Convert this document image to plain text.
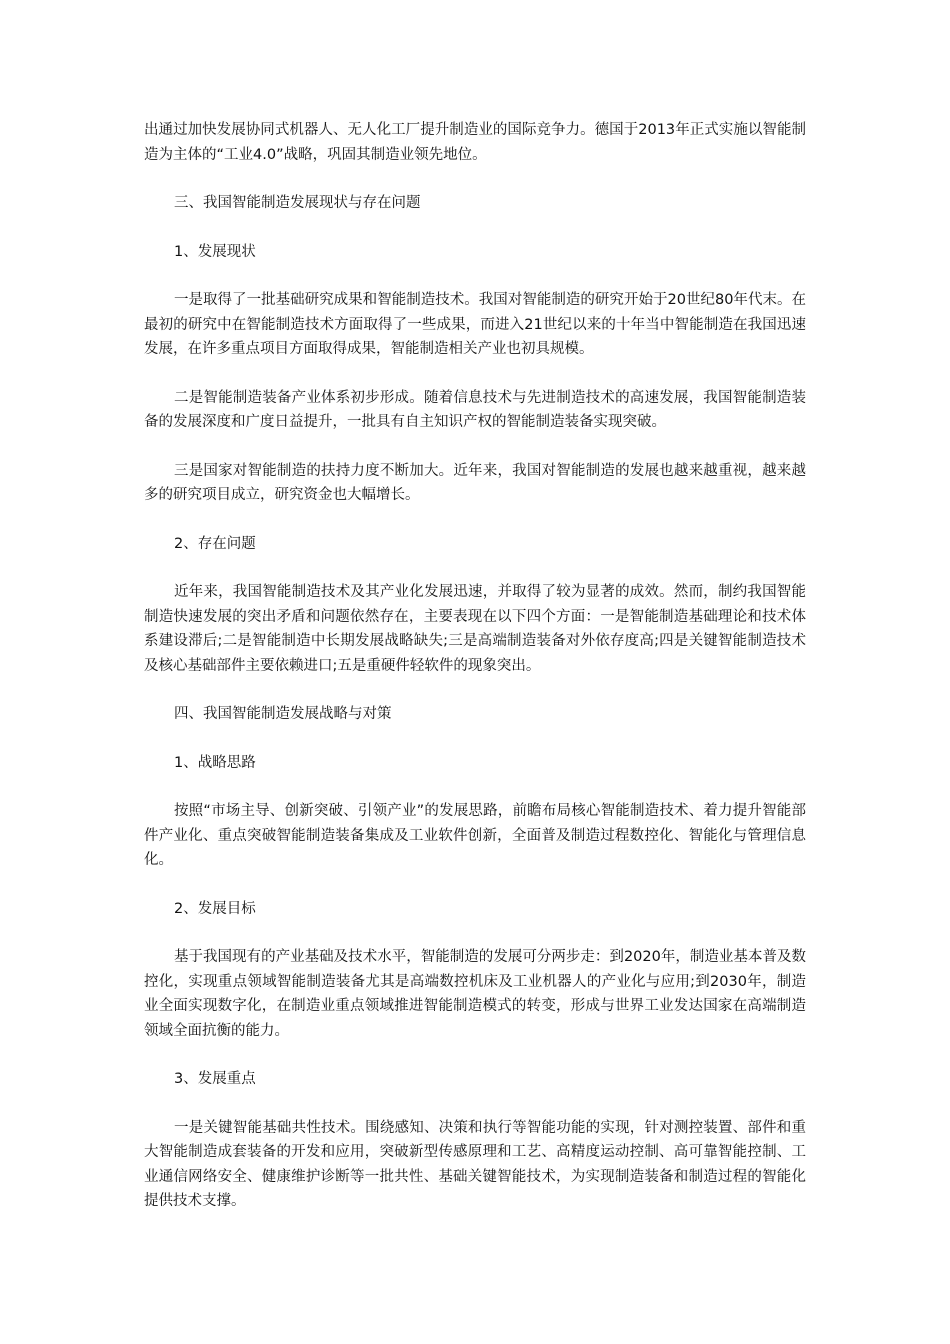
出通过加快发展协同式机器人、无人化工厂提升制造业的国际竞争力。德国于2013年正式实施以智能制造为主体的“工业4.0”战略，巩固其制造业领先地位。

三、我国智能制造发展现状与存在问题

1、发展现状

一是取得了一批基础研究成果和智能制造技术。我国对智能制造的研究开始于20世纪80年代末。在最初的研究中在智能制造技术方面取得了一些成果，而进入21世纪以来的十年当中智能制造在我国迅速发展，在许多重点项目方面取得成果，智能制造相关产业也初具规模。

二是智能制造装备产业体系初步形成。随着信息技术与先进制造技术的高速发展，我国智能制造装备的发展深度和广度日益提升，一批具有自主知识产权的智能制造装备实现突破。

三是国家对智能制造的扶持力度不断加大。近年来，我国对智能制造的发展也越来越重视，越来越多的研究项目成立，研究资金也大幅增长。

2、存在问题

近年来，我国智能制造技术及其产业化发展迅速，并取得了较为显著的成效。然而，制约我国智能制造快速发展的突出矛盾和问题依然存在，主要表现在以下四个方面：一是智能制造基础理论和技术体系建设滞后;二是智能制造中长期发展战略缺失;三是高端制造装备对外依存度高;四是关键智能制造技术及核心基础部件主要依赖进口;五是重硬件轻软件的现象突出。

四、我国智能制造发展战略与对策

1、战略思路

按照“市场主导、创新突破、引领产业”的发展思路，前瞻布局核心智能制造技术、着力提升智能部件产业化、重点突破智能制造装备集成及工业软件创新，全面普及制造过程数控化、智能化与管理信息化。

2、发展目标

基于我国现有的产业基础及技术水平，智能制造的发展可分两步走：到2020年，制造业基本普及数控化，实现重点领域智能制造装备尤其是高端数控机床及工业机器人的产业化与应用;到2030年，制造业全面实现数字化，在制造业重点领域推进智能制造模式的转变，形成与世界工业发达国家在高端制造领域全面抗衡的能力。

3、发展重点

一是关键智能基础共性技术。围绕感知、决策和执行等智能功能的实现，针对测控装置、部件和重大智能制造成套装备的开发和应用，突破新型传感原理和工艺、高精度运动控制、高可靠智能控制、工业通信网络安全、健康维护诊断等一批共性、基础关键智能技术，为实现制造装备和制造过程的智能化提供技术支撑。
